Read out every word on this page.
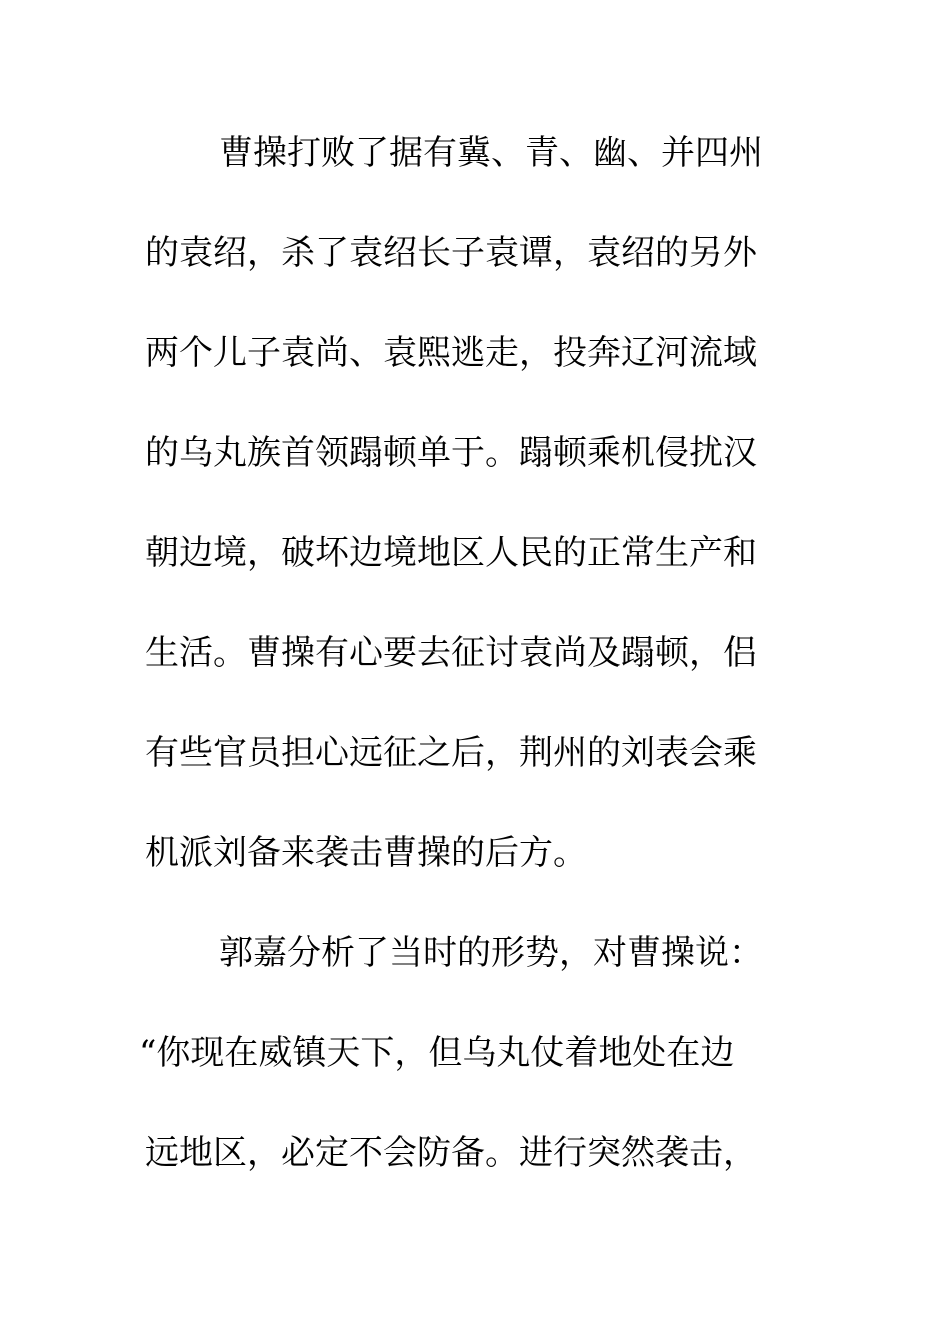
曹操打败了据有冀、青、幽、并四州
的袁绍，杀了袁绍长子袁谭，袁绍的另外
两个儿子袁尚、袁熙逃走，投奔辽河流域
的乌丸族首领蹋顿单于。蹋顿乘机侵扰汉
朝边境，破坏边境地区人民的正常生产和
生活。曹操有心要去征讨袁尚及蹋顿，侣
有些官员担心远征之后，荆州的刘表会乘
机派刘备来袭击曹操的后方。
郭嘉分析了当时的形势，对曹操说：
“你现在威镇天下，但乌丸仗着地处在边
远地区，必定不会防备。进行突然袭击，
